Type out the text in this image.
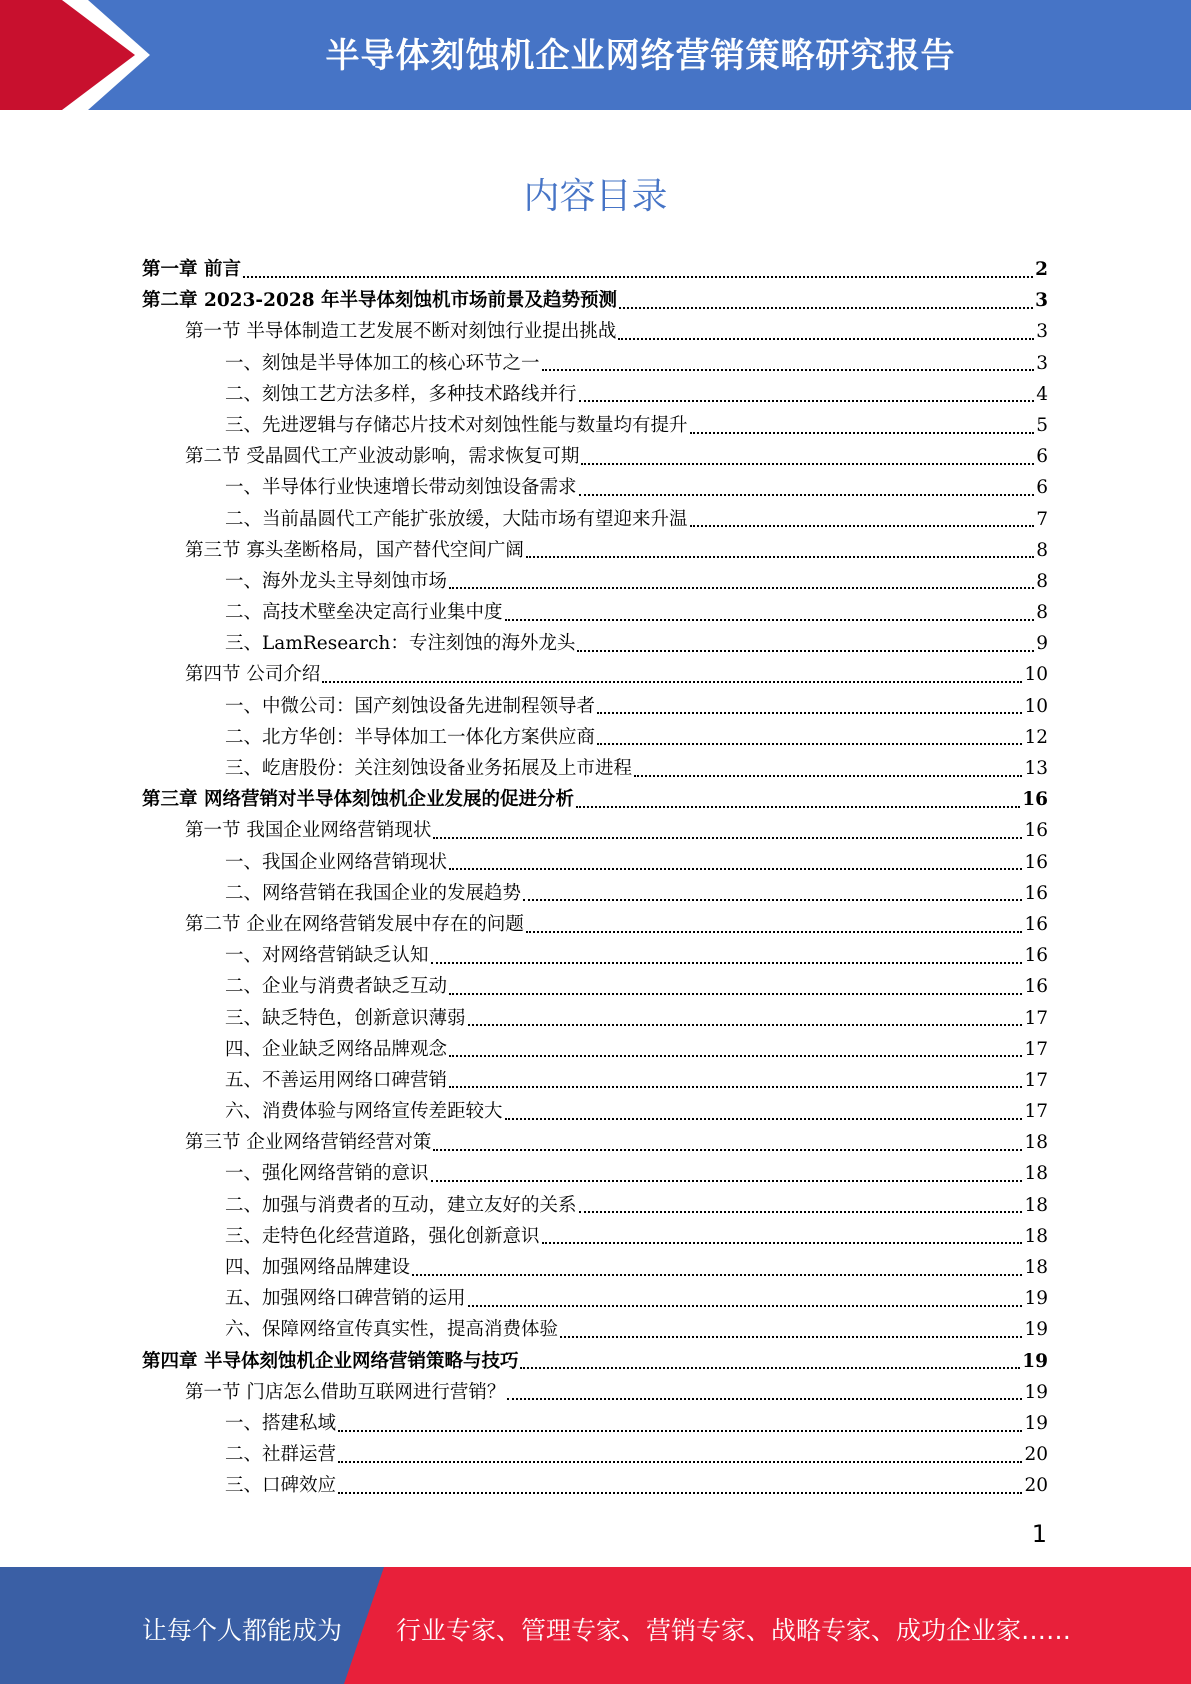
半导体刻蚀机企业网络营销策略研究报告
内容目录
第一章 前言	2
第二章 2023-2028 年半导体刻蚀机市场前景及趋势预测	3
第一节 半导体制造工艺发展不断对刻蚀行业提出挑战	3
一、刻蚀是半导体加工的核心环节之一	3
二、刻蚀工艺方法多样，多种技术路线并行	4
三、先进逻辑与存储芯片技术对刻蚀性能与数量均有提升	5
第二节 受晶圆代工产业波动影响，需求恢复可期	6
一、半导体行业快速增长带动刻蚀设备需求	6
二、当前晶圆代工产能扩张放缓，大陆市场有望迎来升温	7
第三节 寡头垄断格局，国产替代空间广阔	8
一、海外龙头主导刻蚀市场	8
二、高技术壁垒决定高行业集中度	8
三、LamResearch：专注刻蚀的海外龙头	9
第四节 公司介绍	10
一、中微公司：国产刻蚀设备先进制程领导者	10
二、北方华创：半导体加工一体化方案供应商	12
三、屹唐股份：关注刻蚀设备业务拓展及上市进程	13
第三章 网络营销对半导体刻蚀机企业发展的促进分析	16
第一节 我国企业网络营销现状	16
一、我国企业网络营销现状	16
二、网络营销在我国企业的发展趋势	16
第二节 企业在网络营销发展中存在的问题	16
一、对网络营销缺乏认知	16
二、企业与消费者缺乏互动	16
三、缺乏特色，创新意识薄弱	17
四、企业缺乏网络品牌观念	17
五、不善运用网络口碑营销	17
六、消费体验与网络宣传差距较大	17
第三节 企业网络营销经营对策	18
一、强化网络营销的意识	18
二、加强与消费者的互动，建立友好的关系	18
三、走特色化经营道路，强化创新意识	18
四、加强网络品牌建设	18
五、加强网络口碑营销的运用	19
六、保障网络宣传真实性，提高消费体验	19
第四章 半导体刻蚀机企业网络营销策略与技巧	19
第一节 门店怎么借助互联网进行营销？	19
一、搭建私域	19
二、社群运营	20
三、口碑效应	20
1
让每个人都能成为 行业专家、管理专家、营销专家、战略专家、成功企业家……
